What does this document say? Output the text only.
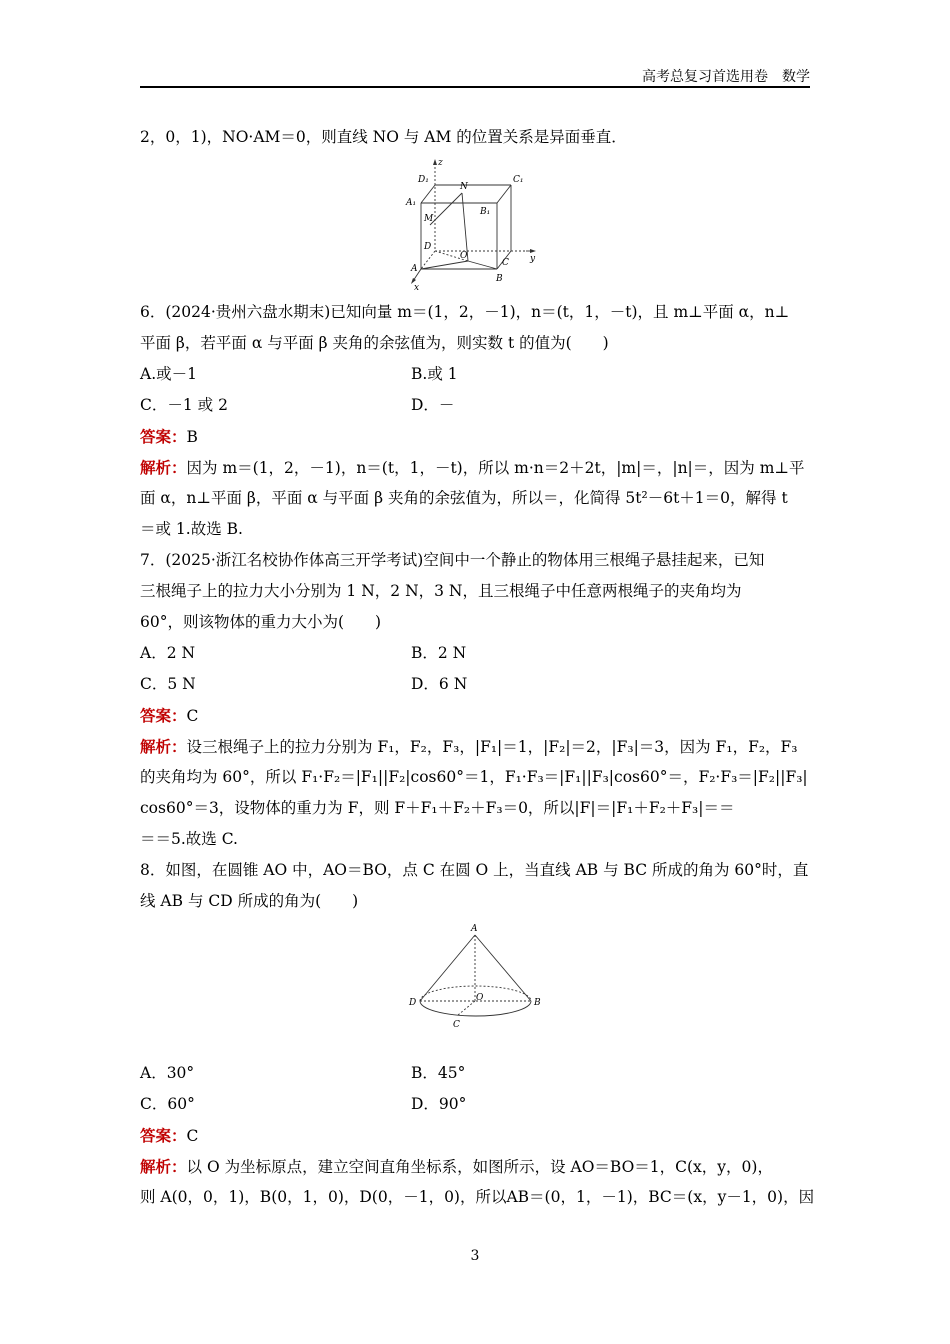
高考总复习首选用卷　数学
2，0，1)，NO·AM＝0，则直线 NO 与 AM 的位置关系是异面垂直．
z
D₁	C₁
A₁
N
B₁
M
D
O
C y
A
B
x
6．(2024·贵州六盘水期末)已知向量 m＝(1，2，－1)，n＝(t，1，－t)，且 m⊥平面 α，n⊥
平面 β，若平面 α 与平面 β 夹角的余弦值为，则实数 t 的值为(　　)
A.或－1	B.或 1
C．－1 或 2	D．－
答案：B
解析：因为 m＝(1，2，－1)，n＝(t，1，－t)，所以 m·n＝2＋2t，|m|＝，|n|＝，因为 m⊥平
面 α，n⊥平面 β，平面 α 与平面 β 夹角的余弦值为，所以＝，化简得 5t²－6t＋1＝0，解得 t
＝或 1.故选 B.
7．(2025·浙江名校协作体高三开学考试)空间中一个静止的物体用三根绳子悬挂起来，已知
三根绳子上的拉力大小分别为 1 N，2 N，3 N，且三根绳子中任意两根绳子的夹角均为
60°，则该物体的重力大小为(　　)
A．2 N	B．2 N
C．5 N	D．6 N
答案：C
解析：设三根绳子上的拉力分别为 F₁，F₂，F₃，|F₁|＝1，|F₂|＝2，|F₃|＝3，因为 F₁，F₂，F₃
的夹角均为 60°，所以 F₁·F₂＝|F₁||F₂|cos60°＝1，F₁·F₃＝|F₁||F₃|cos60°＝，F₂·F₃＝|F₂||F₃|
cos60°＝3，设物体的重力为 F，则 F＋F₁＋F₂＋F₃＝0，所以|F|＝|F₁＋F₂＋F₃|＝＝
＝＝5.故选 C.
8．如图，在圆锥 AO 中，AO＝BO，点 C 在圆 O 上，当直线 AB 与 BC 所成的角为 60°时，直
线 AB 与 CD 所成的角为(　　)
A
D	O	B
C
A．30°	B．45°
C．60°	D．90°
答案：C
解析：以 O 为坐标原点，建立空间直角坐标系，如图所示，设 AO＝BO＝1，C(x，y，0)，
则 A(0，0，1)，B(0，1，0)，D(0，－1，0)，所以AB＝(0，1，－1)，BC＝(x，y－1，0)，因
3
